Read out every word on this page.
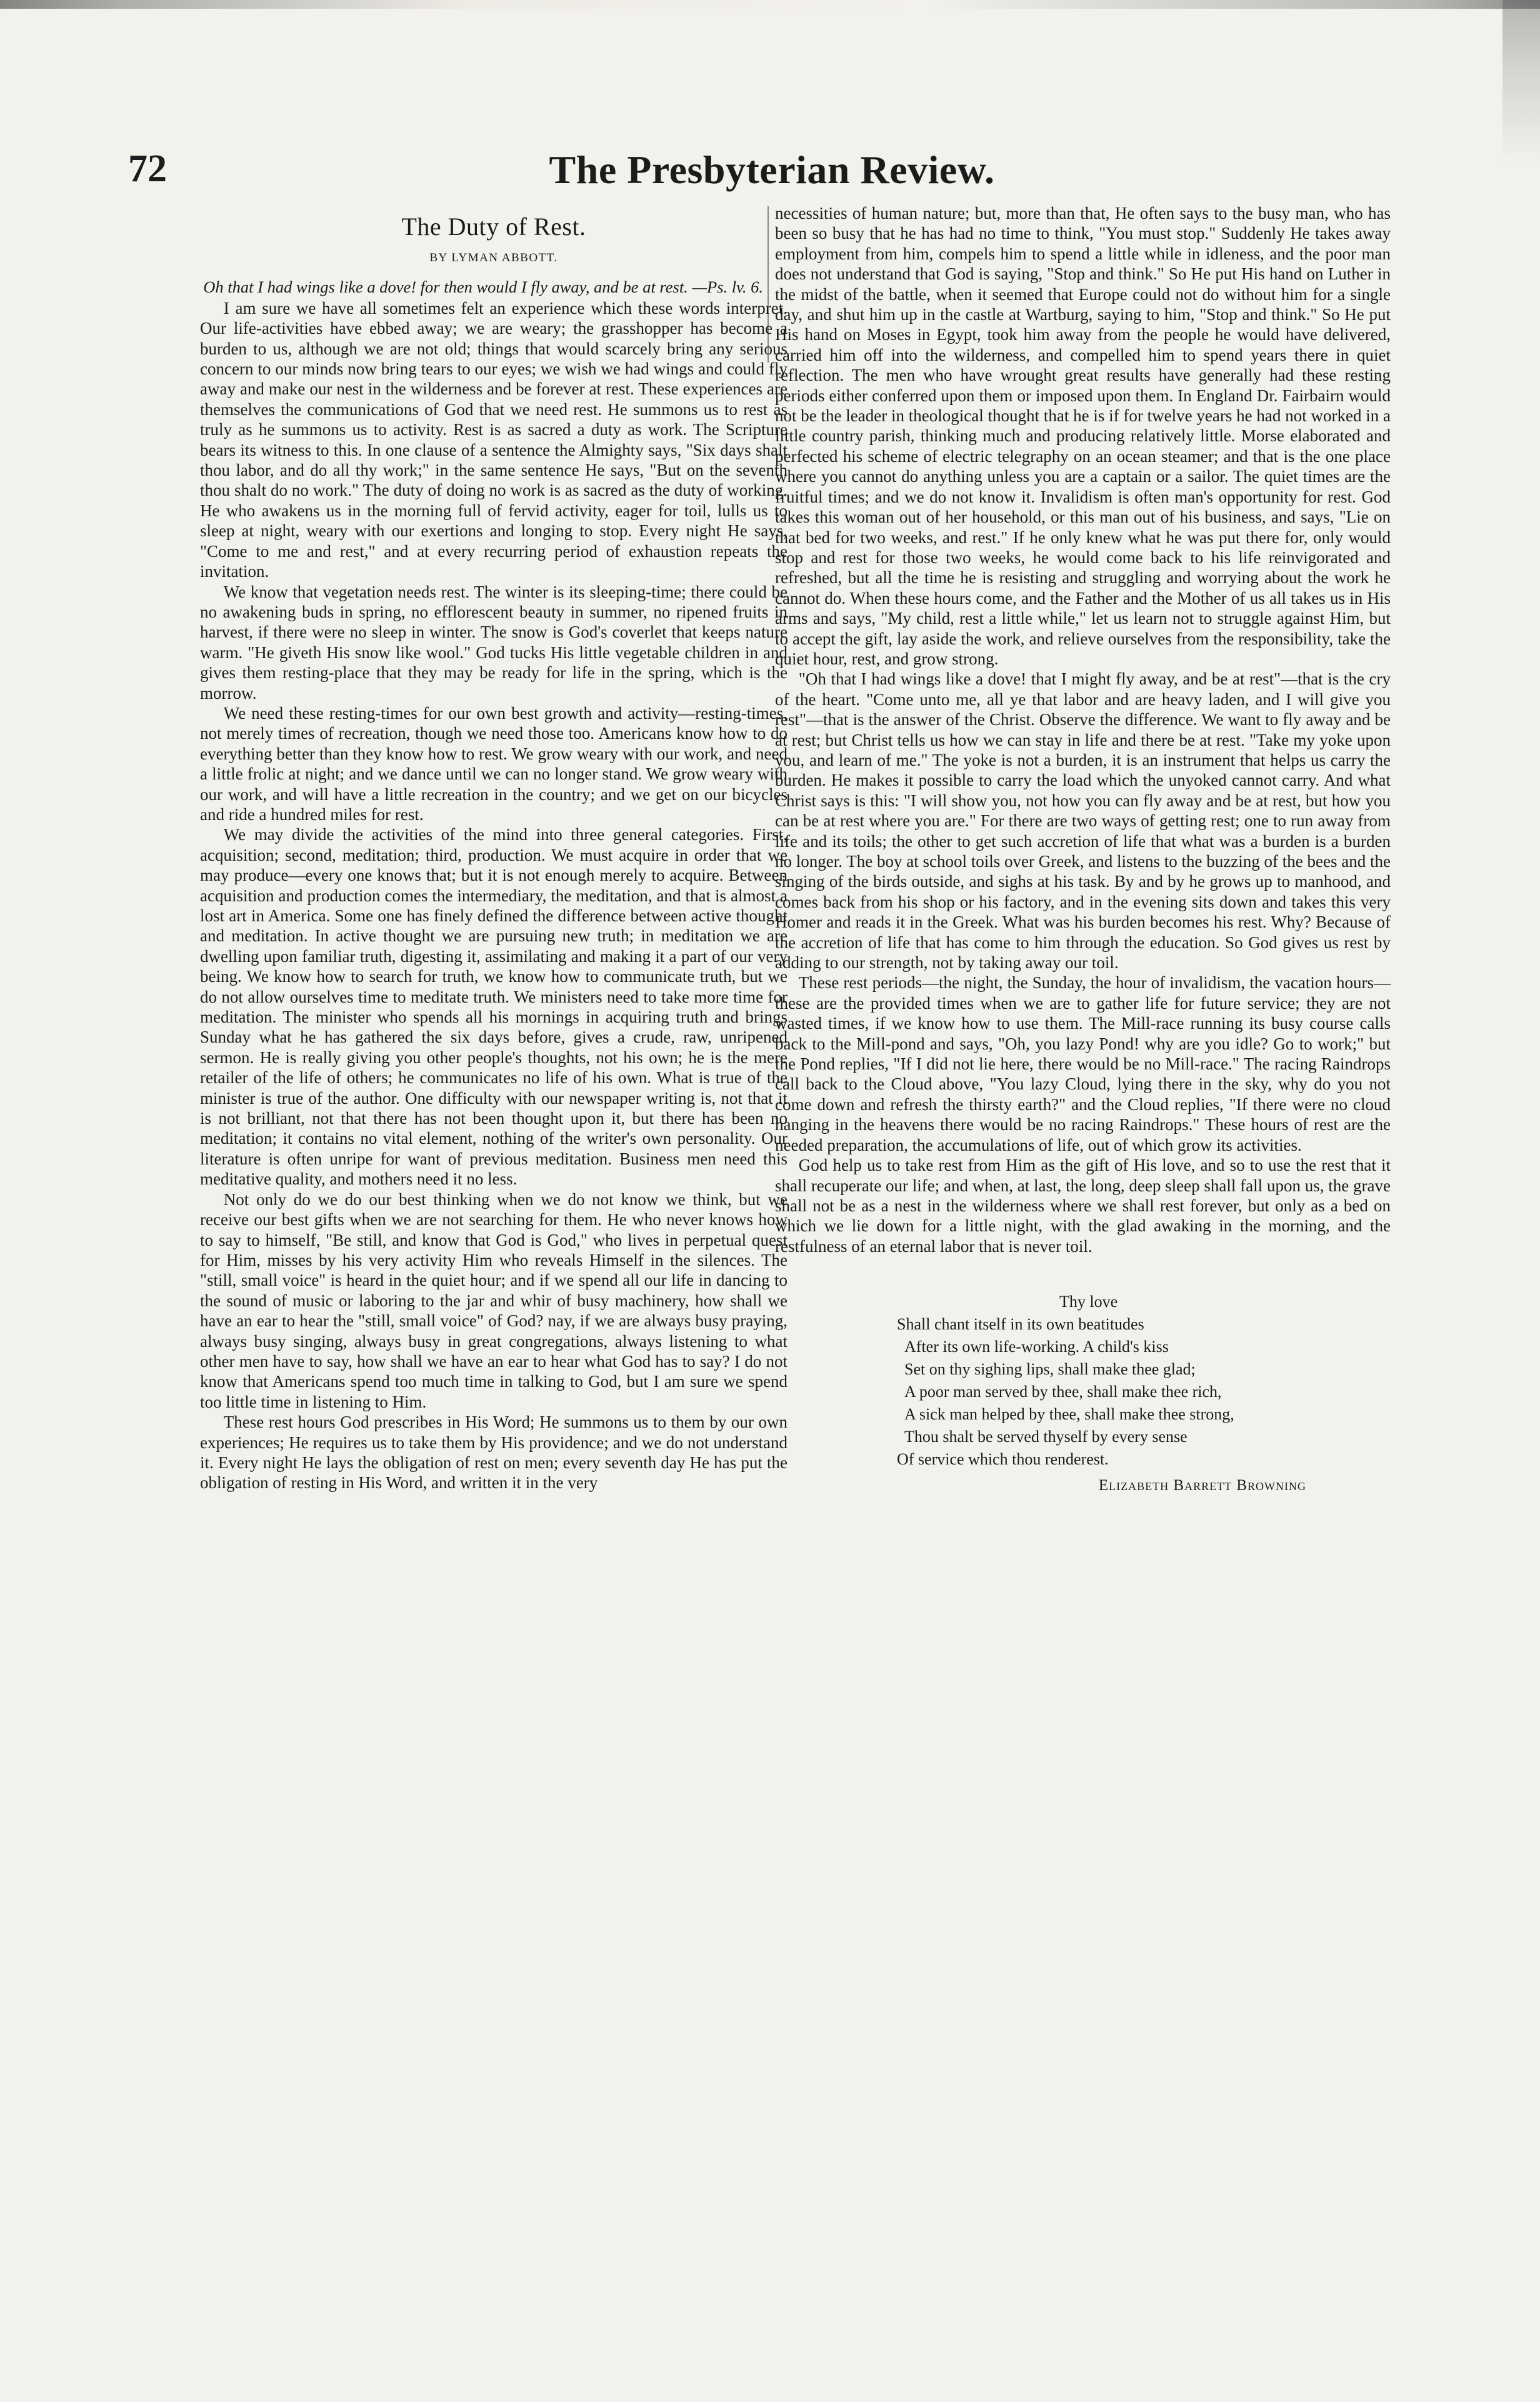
72	The Presbyterian Review.
The Duty of Rest.
BY LYMAN ABBOTT.

Oh that I had wings like a dove! for then would I fly away, and be at rest. —Ps. lv. 6.

I am sure we have all sometimes felt an experience which these words interpret. Our life-activities have ebbed away; we are weary; the grasshopper has become a burden to us, although we are not old; things that would scarcely bring any serious concern to our minds now bring tears to our eyes; we wish we had wings and could fly away and make our nest in the wilderness and be forever at rest. These experiences are themselves the communications of God that we need rest. He summons us to rest as truly as he summons us to activity. Rest is as sacred a duty as work. The Scripture bears its witness to this. In one clause of a sentence the Almighty says, "Six days shalt thou labor, and do all thy work;" in the same sentence He says, "But on the seventh thou shalt do no work." The duty of doing no work is as sacred as the duty of working. He who awakens us in the morning full of fervid activity, eager for toil, lulls us to sleep at night, weary with our exertions and longing to stop. Every night He says, "Come to me and rest," and at every recurring period of exhaustion repeats the invitation.

We know that vegetation needs rest. The winter is its sleeping-time; there could be no awakening buds in spring, no efflorescent beauty in summer, no ripened fruits in harvest, if there were no sleep in winter. The snow is God's coverlet that keeps nature warm. "He giveth His snow like wool." God tucks His little vegetable children in and gives them resting-place that they may be ready for life in the spring, which is the morrow.

We need these resting-times for our own best growth and activity—resting-times, not merely times of recreation, though we need those too. Americans know how to do everything better than they know how to rest. We grow weary with our work, and need a little frolic at night; and we dance until we can no longer stand. We grow weary with our work, and will have a little recreation in the country; and we get on our bicycles and ride a hundred miles for rest.

We may divide the activities of the mind into three general categories. First, acquisition; second, meditation; third, production. We must acquire in order that we may produce—every one knows that; but it is not enough merely to acquire. Between acquisition and production comes the intermediary, the meditation, and that is almost a lost art in America. Some one has finely defined the difference between active thought and meditation. In active thought we are pursuing new truth; in meditation we are dwelling upon familiar truth, digesting it, assimilating and making it a part of our very being. We know how to search for truth, we know how to communicate truth, but we do not allow ourselves time to meditate truth. We ministers need to take more time for meditation. The minister who spends all his mornings in acquiring truth and brings Sunday what he has gathered the six days before, gives a crude, raw, unripened sermon. He is really giving you other people's thoughts, not his own; he is the mere retailer of the life of others; he communicates no life of his own. What is true of the minister is true of the author. One difficulty with our newspaper writing is, not that it is not brilliant, not that there has not been thought upon it, but there has been no meditation; it contains no vital element, nothing of the writer's own personality. Our literature is often unripe for want of previous meditation. Business men need this meditative quality, and mothers need it no less.

Not only do we do our best thinking when we do not know we think, but we receive our best gifts when we are not searching for them. He who never knows how to say to himself, "Be still, and know that God is God," who lives in perpetual quest for Him, misses by his very activity Him who reveals Himself in the silences. The "still, small voice" is heard in the quiet hour; and if we spend all our life in dancing to the sound of music or laboring to the jar and whir of busy machinery, how shall we have an ear to hear the "still, small voice" of God? nay, if we are always busy praying, always busy singing, always busy in great congregations, always listening to what other men have to say, how shall we have an ear to hear what God has to say? I do not know that Americans spend too much time in talking to God, but I am sure we spend too little time in listening to Him.

These rest hours God prescribes in His Word; He summons us to them by our own experiences; He requires us to take them by His providence; and we do not understand it. Every night He lays the obligation of rest on men; every seventh day He has put the obligation of resting in His Word, and written it in the very

necessities of human nature; but, more than that, He often says to the busy man, who has been so busy that he has had no time to think, "You must stop." Suddenly He takes away employment from him, compels him to spend a little while in idleness, and the poor man does not understand that God is saying, "Stop and think." So He put His hand on Luther in the midst of the battle, when it seemed that Europe could not do without him for a single day, and shut him up in the castle at Wartburg, saying to him, "Stop and think." So He put His hand on Moses in Egypt, took him away from the people he would have delivered, carried him off into the wilderness, and compelled him to spend years there in quiet reflection. The men who have wrought great results have generally had these resting periods either conferred upon them or imposed upon them. In England Dr. Fairbairn would not be the leader in theological thought that he is if for twelve years he had not worked in a little country parish, thinking much and producing relatively little. Morse elaborated and perfected his scheme of electric telegraphy on an ocean steamer; and that is the one place where you cannot do anything unless you are a captain or a sailor. The quiet times are the fruitful times; and we do not know it. Invalidism is often man's opportunity for rest. God takes this woman out of her household, or this man out of his business, and says, "Lie on that bed for two weeks, and rest." If he only knew what he was put there for, only would stop and rest for those two weeks, he would come back to his life reinvigorated and refreshed, but all the time he is resisting and struggling and worrying about the work he cannot do. When these hours come, and the Father and the Mother of us all takes us in His arms and says, "My child, rest a little while," let us learn not to struggle against Him, but to accept the gift, lay aside the work, and relieve ourselves from the responsibility, take the quiet hour, rest, and grow strong.

"Oh that I had wings like a dove! that I might fly away, and be at rest"—that is the cry of the heart. "Come unto me, all ye that labor and are heavy laden, and I will give you rest"—that is the answer of the Christ. Observe the difference. We want to fly away and be at rest; but Christ tells us how we can stay in life and there be at rest. "Take my yoke upon you, and learn of me." The yoke is not a burden, it is an instrument that helps us carry the burden. He makes it possible to carry the load which the unyoked cannot carry. And what Christ says is this: "I will show you, not how you can fly away and be at rest, but how you can be at rest where you are." For there are two ways of getting rest; one to run away from life and its toils; the other to get such accretion of life that what was a burden is a burden no longer. The boy at school toils over Greek, and listens to the buzzing of the bees and the singing of the birds outside, and sighs at his task. By and by he grows up to manhood, and comes back from his shop or his factory, and in the evening sits down and takes this very Homer and reads it in the Greek. What was his burden becomes his rest. Why? Because of the accretion of life that has come to him through the education. So God gives us rest by adding to our strength, not by taking away our toil.

These rest periods—the night, the Sunday, the hour of invalidism, the vacation hours—these are the provided times when we are to gather life for future service; they are not wasted times, if we know how to use them. The Mill-race running its busy course calls back to the Mill-pond and says, "Oh, you lazy Pond! why are you idle? Go to work;" but the Pond replies, "If I did not lie here, there would be no Mill-race." The racing Raindrops call back to the Cloud above, "You lazy Cloud, lying there in the sky, why do you not come down and refresh the thirsty earth?" and the Cloud replies, "If there were no cloud hanging in the heavens there would be no racing Raindrops." These hours of rest are the needed preparation, the accumulations of life, out of which grow its activities.

God help us to take rest from Him as the gift of His love, and so to use the rest that it shall recuperate our life; and when, at last, the long, deep sleep shall fall upon us, the grave shall not be as a nest in the wilderness where we shall rest forever, but only as a bed on which we lie down for a little night, with the glad awaking in the morning, and the restfulness of an eternal labor that is never toil.

Thy love
Shall chant itself in its own beatitudes
After its own life-working. A child's kiss
Set on thy sighing lips, shall make thee glad;
A poor man served by thee, shall make thee rich,
A sick man helped by thee, shall make thee strong,
Thou shalt be served thyself by every sense
Of service which thou renderest.
Elizabeth Barrett Browning
